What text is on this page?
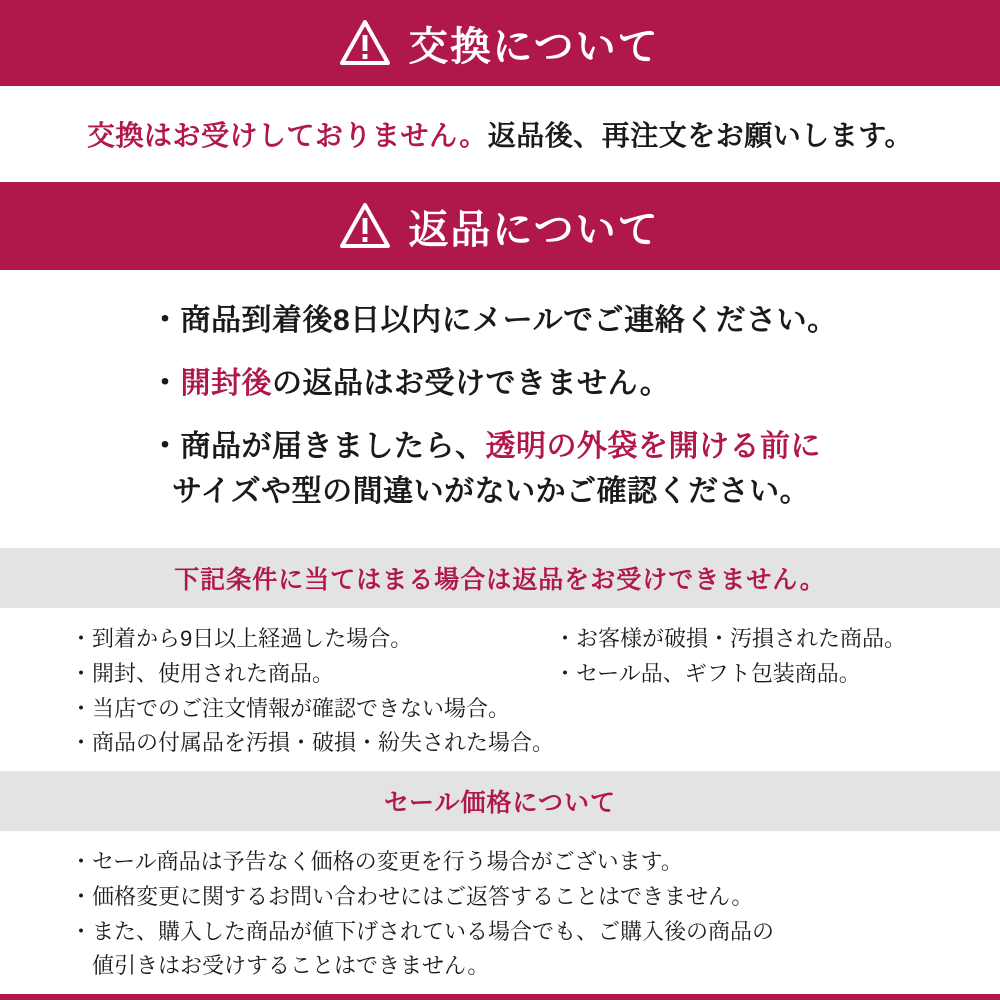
交換について
交換はお受けしておりません。返品後、再注文をお願いします。
返品について
・商品到着後8日以内にメールでご連絡ください。
・開封後の返品はお受けできません。
・商品が届きましたら、透明の外袋を開ける前に
サイズや型の間違いがないかご確認ください。
下記条件に当てはまる場合は返品をお受けできません。
・到着から9日以上経過した場合。
・開封、使用された商品。
・当店でのご注文情報が確認できない場合。
・商品の付属品を汚損・破損・紛失された場合。
・お客様が破損・汚損された商品。
・セール品、ギフト包装商品。
セール価格について
・セール商品は予告なく価格の変更を行う場合がございます。
・価格変更に関するお問い合わせにはご返答することはできません。
・また、購入した商品が値下げされている場合でも、ご購入後の商品の
値引きはお受けすることはできません。
Copyright © OKA Co.,LTD. All Right Reserved.
